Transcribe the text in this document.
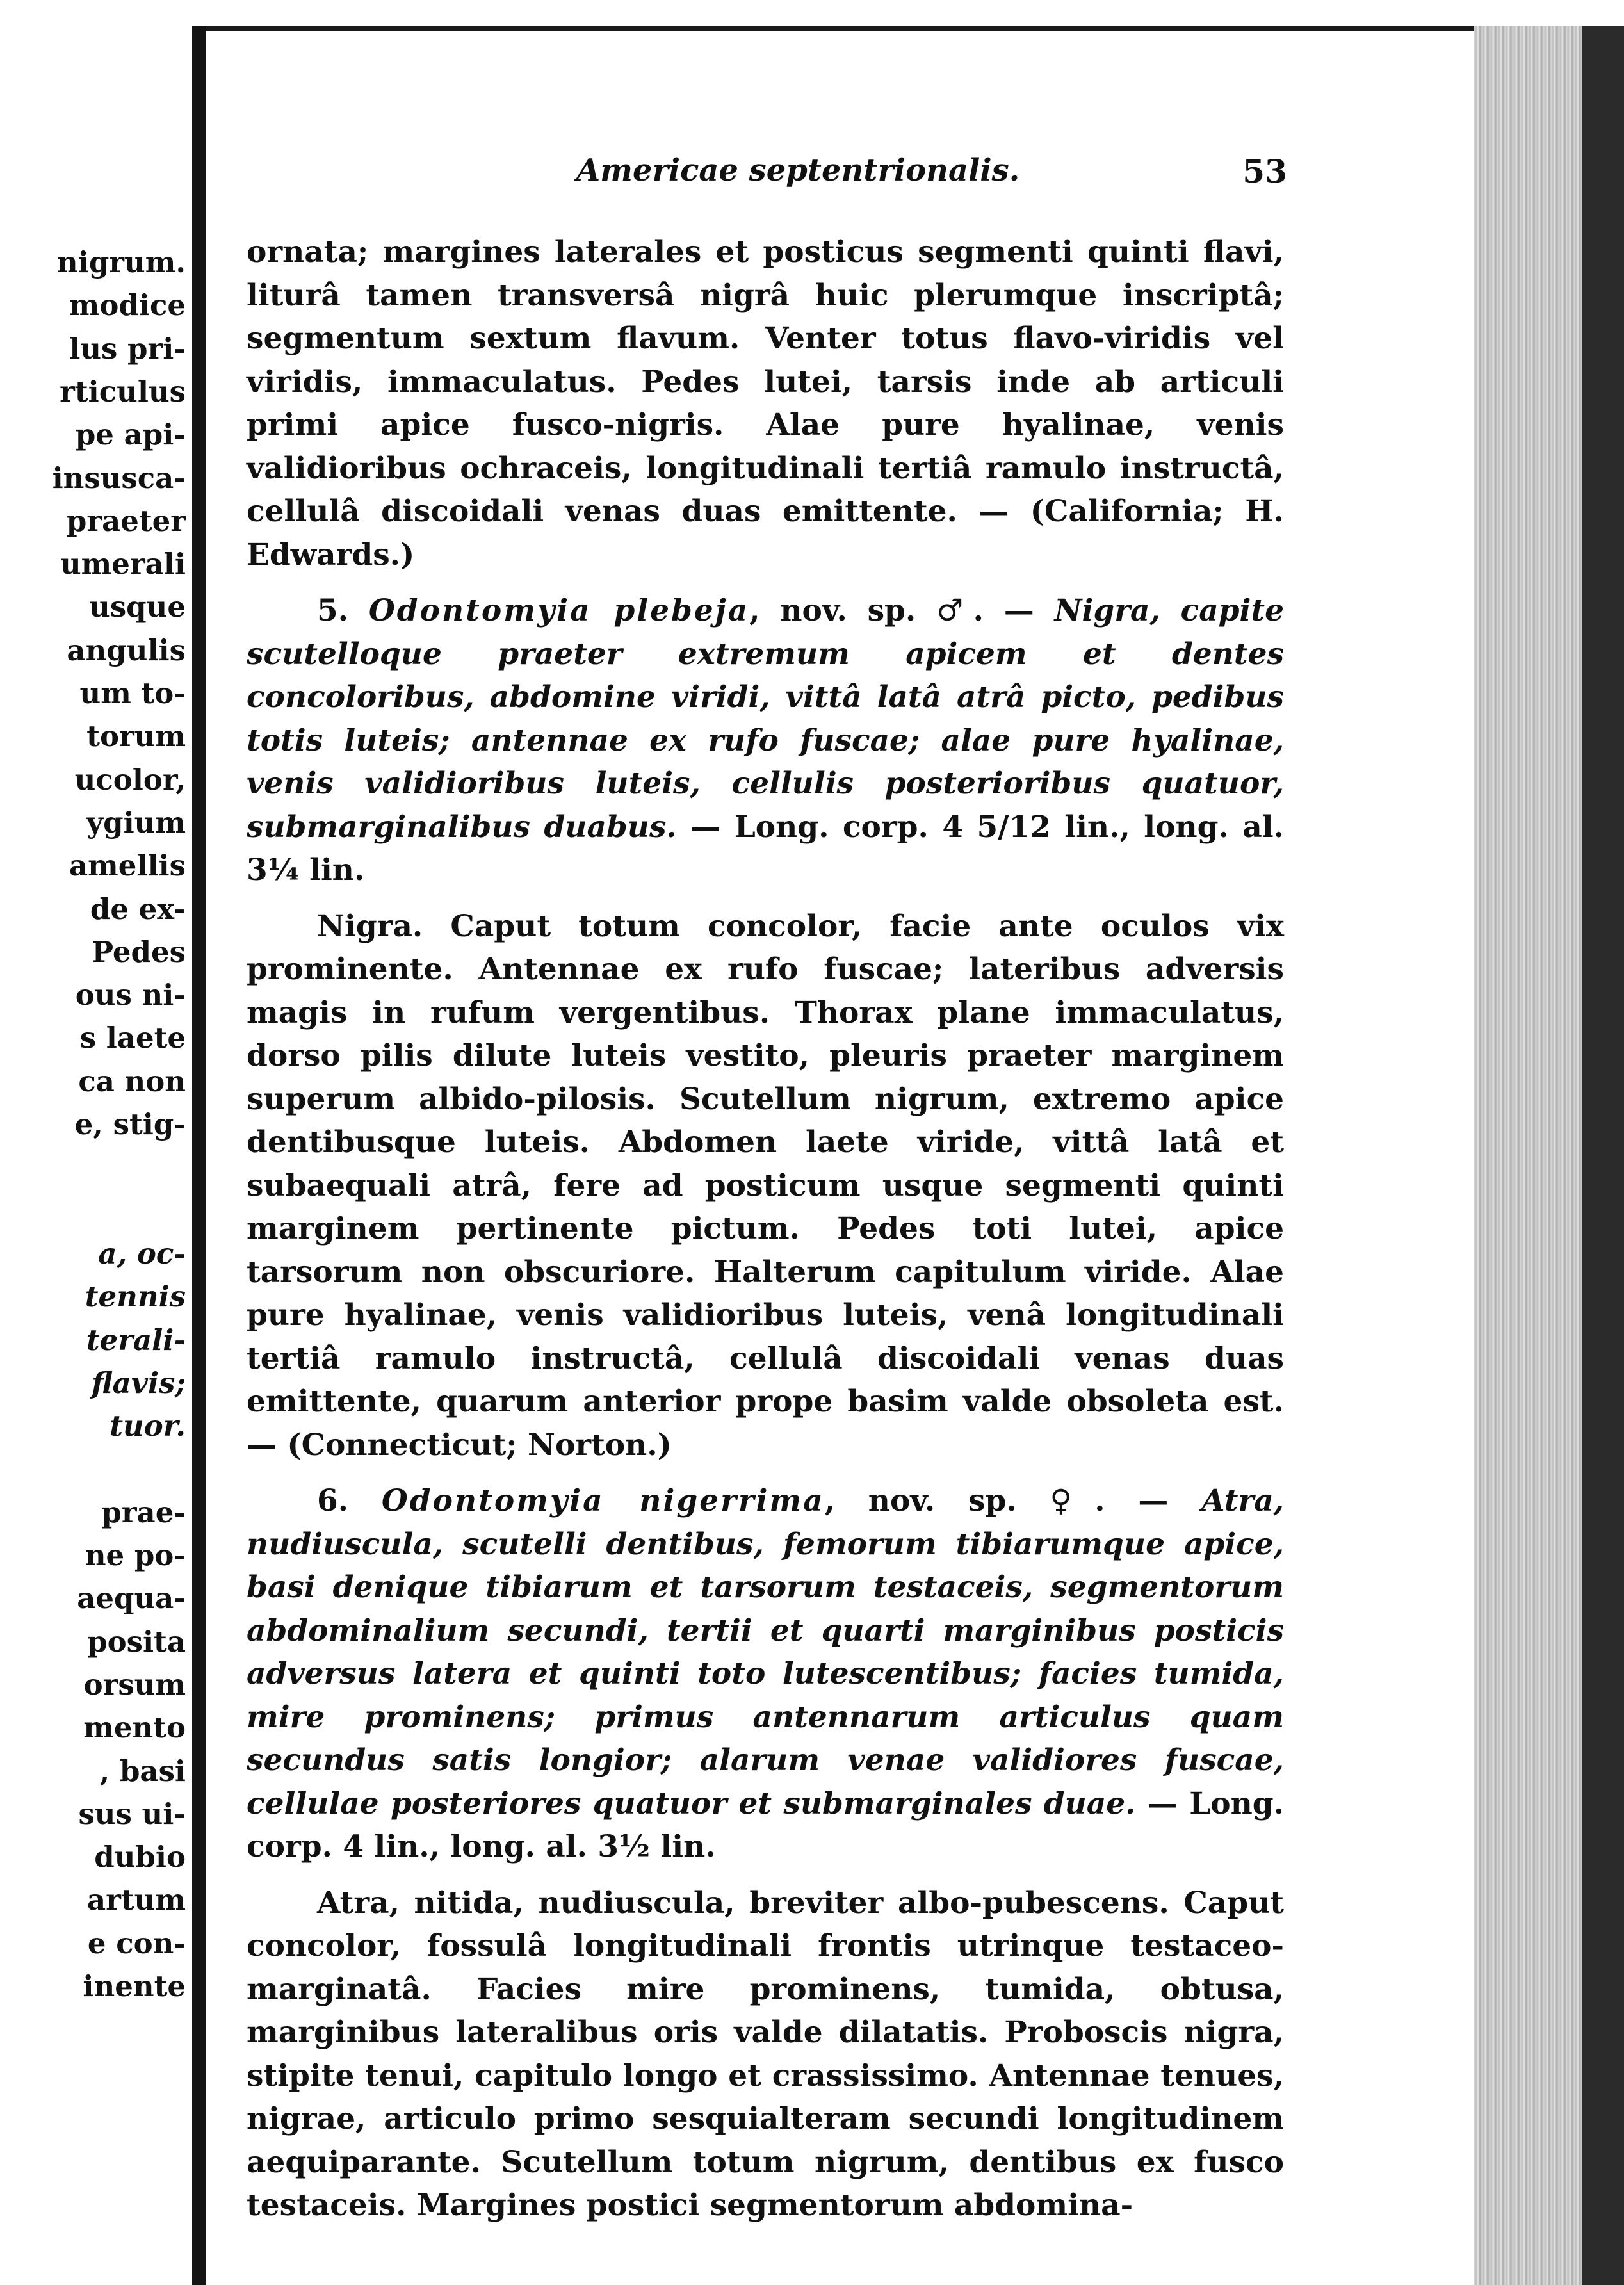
nigrum.
modice
lus pri-
rticulus
pe api-
insusca-
praeter
umerali
usque
angulis
um to-
torum
ucolor,
ygium
amellis
de ex-
Pedes
ous ni-
s laete
ca non
e, stig-
a, oc-
tennis
terali-
flavis;
tuor.
prae-
ne po-
aequa-
posita
orsum
mento
, basi
sus ui-
dubio
artum
e con-
inente
Americae septentrionalis.	53

ornata; margines laterales et posticus segmenti quinti flavi, liturâ tamen transversâ nigrâ huic plerumque inscriptâ; segmentum sextum flavum. Venter totus flavo-viridis vel viridis, immaculatus. Pedes lutei, tarsis inde ab articuli primi apice fusco-nigris. Alae pure hyalinae, venis validioribus ochraceis, longitudinali tertiâ ramulo instructâ, cellulâ discoidali venas duas emittente. — (California; H. Edwards.)

5. Odontomyia plebeja, nov. sp. ♂. — Nigra, capite scutelloque praeter extremum apicem et dentes concoloribus, abdomine viridi, vittâ latâ atrâ picto, pedibus totis luteis; antennae ex rufo fuscae; alae pure hyalinae, venis validioribus luteis, cellulis posterioribus quatuor, submarginalibus duabus. — Long. corp. 4 5/12 lin., long. al. 3¼ lin.

Nigra. Caput totum concolor, facie ante oculos vix prominente. Antennae ex rufo fuscae; lateribus adversis magis in rufum vergentibus. Thorax plane immaculatus, dorso pilis dilute luteis vestito, pleuris praeter marginem superum albido-pilosis. Scutellum nigrum, extremo apice dentibusque luteis. Abdomen laete viride, vittâ latâ et subaequali atrâ, fere ad posticum usque segmenti quinti marginem pertinente pictum. Pedes toti lutei, apice tarsorum non obscuriore. Halterum capitulum viride. Alae pure hyalinae, venis validioribus luteis, venâ longitudinali tertiâ ramulo instructâ, cellulâ discoidali venas duas emittente, quarum anterior prope basim valde obsoleta est. — (Connecticut; Norton.)

6. Odontomyia nigerrima, nov. sp. ♀. — Atra, nudiuscula, scutelli dentibus, femorum tibiarumque apice, basi denique tibiarum et tarsorum testaceis, segmentorum abdominalium secundi, tertii et quarti marginibus posticis adversus latera et quinti toto lutescentibus; facies tumida, mire prominens; primus antennarum articulus quam secundus satis longior; alarum venae validiores fuscae, cellulae posteriores quatuor et submarginales duae. — Long. corp. 4 lin., long. al. 3½ lin.

Atra, nitida, nudiuscula, breviter albo-pubescens. Caput concolor, fossulâ longitudinali frontis utrinque testaceo-marginatâ. Facies mire prominens, tumida, obtusa, marginibus lateralibus oris valde dilatatis. Proboscis nigra, stipite tenui, capitulo longo et crassissimo. Antennae tenues, nigrae, articulo primo sesquialteram secundi longitudinem aequiparante. Scutellum totum nigrum, dentibus ex fusco testaceis. Margines postici segmentorum abdomina-
